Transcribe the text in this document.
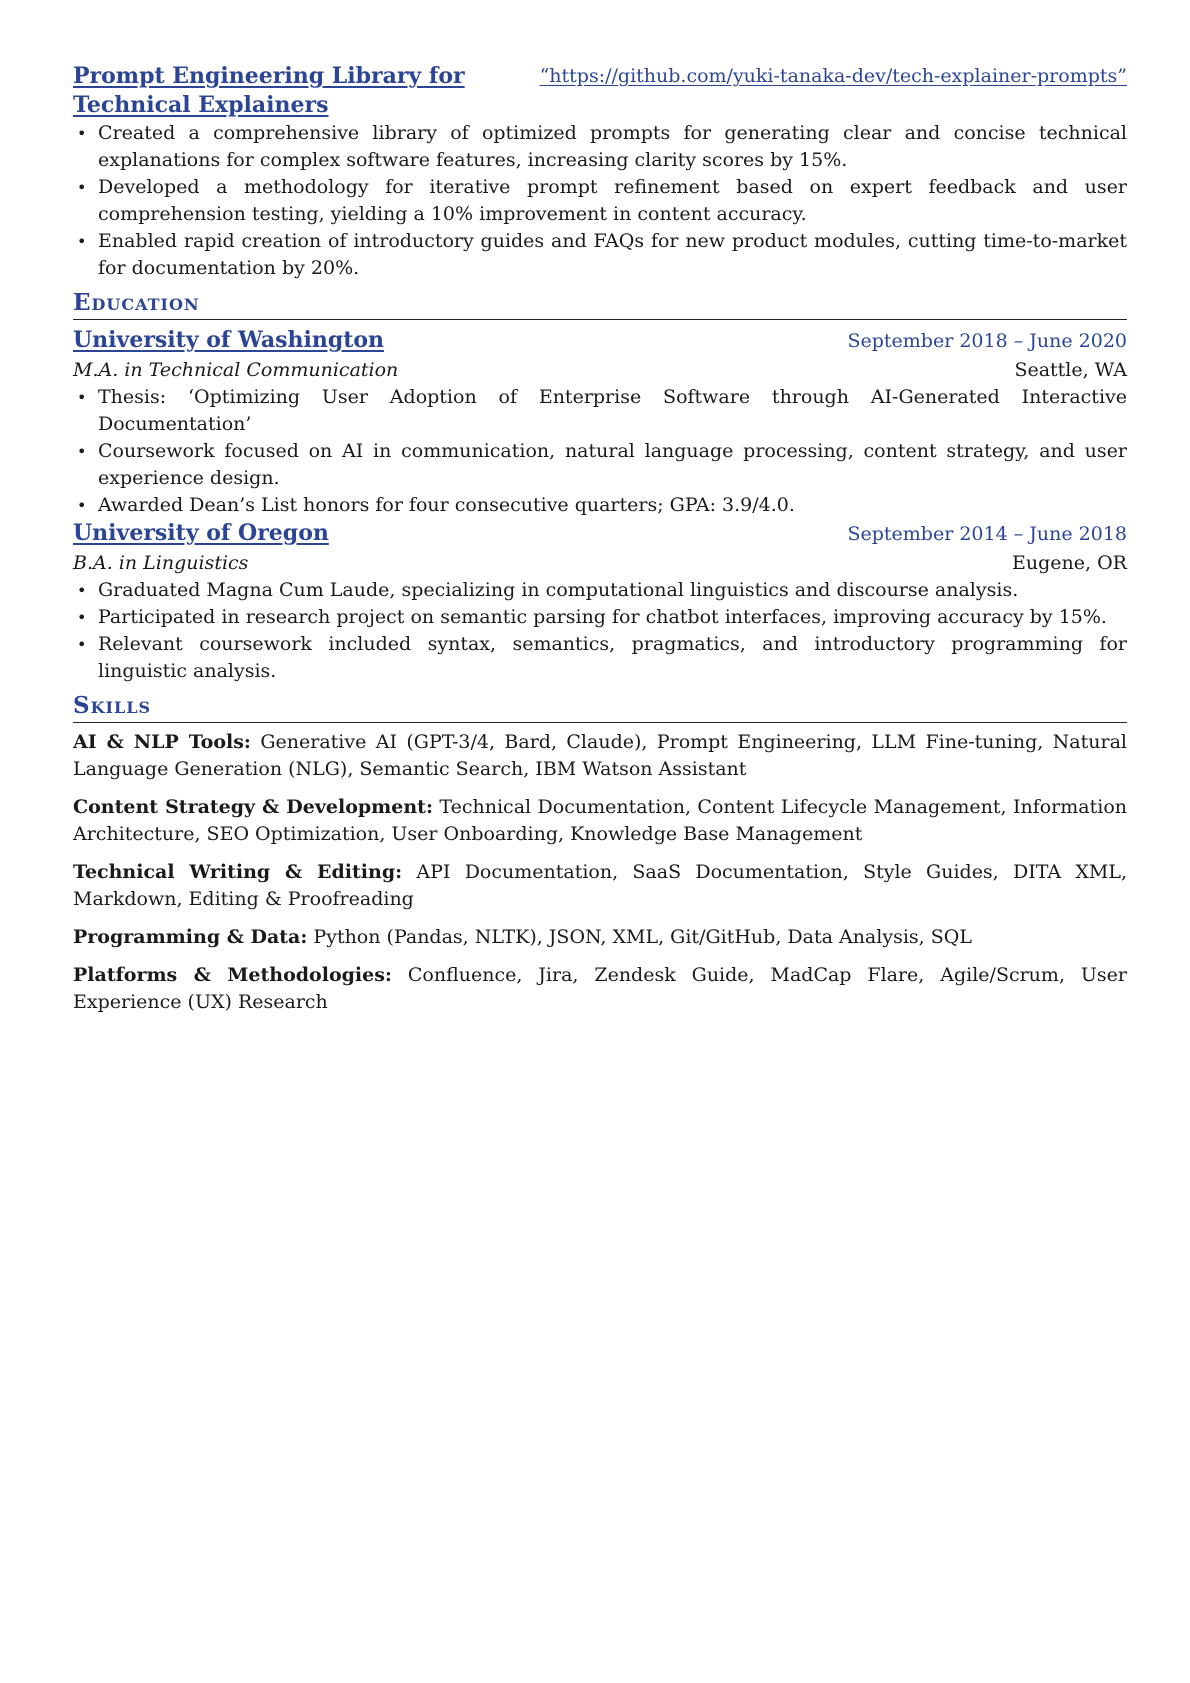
Prompt Engineering Library for Technical Explainers
“https://github.com/yuki-tanaka-dev/tech-explainer-prompts”
• Created a comprehensive library of optimized prompts for generating clear and concise technical explanations for complex software features, increasing clarity scores by 15%.
• Developed a methodology for iterative prompt refinement based on expert feedback and user comprehension testing, yielding a 10% improvement in content accuracy.
• Enabled rapid creation of introductory guides and FAQs for new product modules, cutting time-to-market for documentation by 20%.
Education
University of Washington	September 2018 – June 2020
M.A. in Technical Communication	Seattle, WA
• Thesis: ‘Optimizing User Adoption of Enterprise Software through AI-Generated Interactive Documentation’
• Coursework focused on AI in communication, natural language processing, content strategy, and user experience design.
• Awarded Dean’s List honors for four consecutive quarters; GPA: 3.9/4.0.
University of Oregon	September 2014 – June 2018
B.A. in Linguistics	Eugene, OR
• Graduated Magna Cum Laude, specializing in computational linguistics and discourse analysis.
• Participated in research project on semantic parsing for chatbot interfaces, improving accuracy by 15%.
• Relevant coursework included syntax, semantics, pragmatics, and introductory programming for linguistic analysis.
Skills
AI & NLP Tools: Generative AI (GPT-3/4, Bard, Claude), Prompt Engineering, LLM Fine-tuning, Natural Language Generation (NLG), Semantic Search, IBM Watson Assistant
Content Strategy & Development: Technical Documentation, Content Lifecycle Management, Information Architecture, SEO Optimization, User Onboarding, Knowledge Base Management
Technical Writing & Editing: API Documentation, SaaS Documentation, Style Guides, DITA XML, Markdown, Editing & Proofreading
Programming & Data: Python (Pandas, NLTK), JSON, XML, Git/GitHub, Data Analysis, SQL
Platforms & Methodologies: Confluence, Jira, Zendesk Guide, MadCap Flare, Agile/Scrum, User Experience (UX) Research
